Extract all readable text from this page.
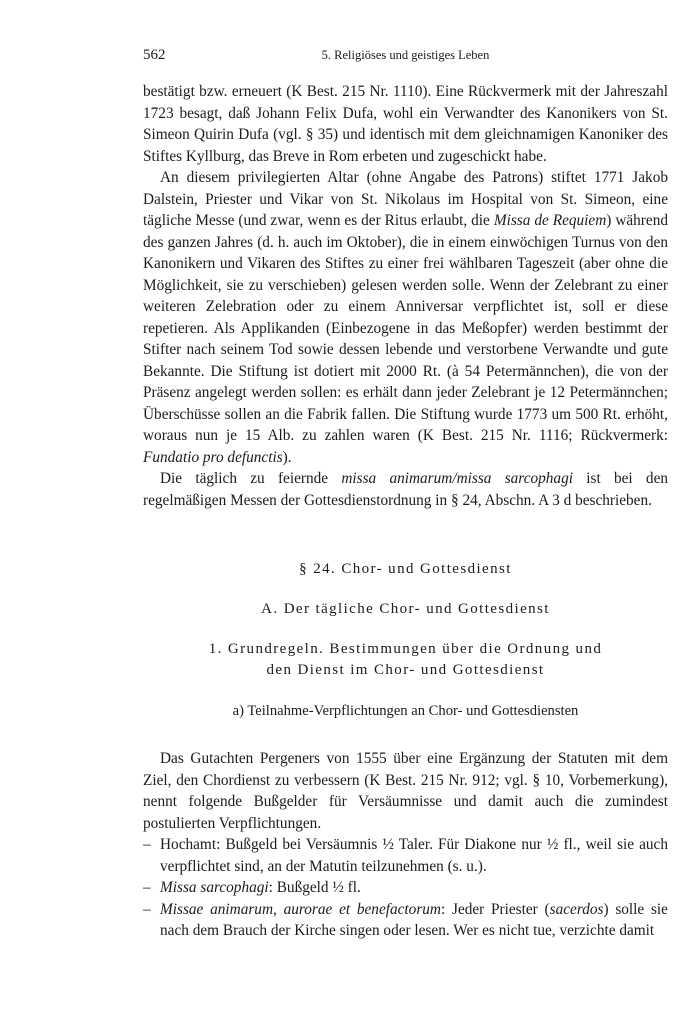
562	5. Religiöses und geistiges Leben

bestätigt bzw. erneuert (K Best. 215 Nr. 1110). Eine Rückvermerk mit der Jahreszahl 1723 besagt, daß Johann Felix Dufa, wohl ein Verwandter des Kanonikers von St. Simeon Quirin Dufa (vgl. § 35) und identisch mit dem gleichnamigen Kanoniker des Stiftes Kyllburg, das Breve in Rom erbeten und zugeschickt habe.

An diesem privilegierten Altar (ohne Angabe des Patrons) stiftet 1771 Jakob Dalstein, Priester und Vikar von St. Nikolaus im Hospital von St. Simeon, eine tägliche Messe (und zwar, wenn es der Ritus erlaubt, die Missa de Requiem) während des ganzen Jahres (d. h. auch im Oktober), die in einem einwöchigen Turnus von den Kanonikern und Vikaren des Stiftes zu einer frei wählbaren Tageszeit (aber ohne die Möglichkeit, sie zu verschieben) gelesen werden solle. Wenn der Zelebrant zu einer weiteren Zelebration oder zu einem Anniversar verpflichtet ist, soll er diese repetieren. Als Applikanden (Einbezogene in das Meßopfer) werden bestimmt der Stifter nach seinem Tod sowie dessen lebende und verstorbene Verwandte und gute Bekannte. Die Stiftung ist dotiert mit 2000 Rt. (à 54 Petermännchen), die von der Präsenz angelegt werden sollen: es erhält dann jeder Zelebrant je 12 Petermännchen; Überschüsse sollen an die Fabrik fallen. Die Stiftung wurde 1773 um 500 Rt. erhöht, woraus nun je 15 Alb. zu zahlen waren (K Best. 215 Nr. 1116; Rückvermerk: Fundatio pro defunctis).

Die täglich zu feiernde missa animarum/missa sarcophagi ist bei den regelmäßigen Messen der Gottesdienstordnung in § 24, Abschn. A 3 d beschrieben.

§ 24. Chor- und Gottesdienst

A. Der tägliche Chor- und Gottesdienst

1. Grundregeln. Bestimmungen über die Ordnung und
den Dienst im Chor- und Gottesdienst

a) Teilnahme-Verpflichtungen an Chor- und Gottesdiensten

Das Gutachten Pergeners von 1555 über eine Ergänzung der Statuten mit dem Ziel, den Chordienst zu verbessern (K Best. 215 Nr. 912; vgl. § 10, Vorbemerkung), nennt folgende Bußgelder für Versäumnisse und damit auch die zumindest postulierten Verpflichtungen.

– Hochamt: Bußgeld bei Versäumnis ½ Taler. Für Diakone nur ½ fl., weil sie auch verpflichtet sind, an der Matutin teilzunehmen (s. u.).
– Missa sarcophagi: Bußgeld ½ fl.
– Missae animarum, aurorae et benefactorum: Jeder Priester (sacerdos) solle sie nach dem Brauch der Kirche singen oder lesen. Wer es nicht tue, verzichte damit
